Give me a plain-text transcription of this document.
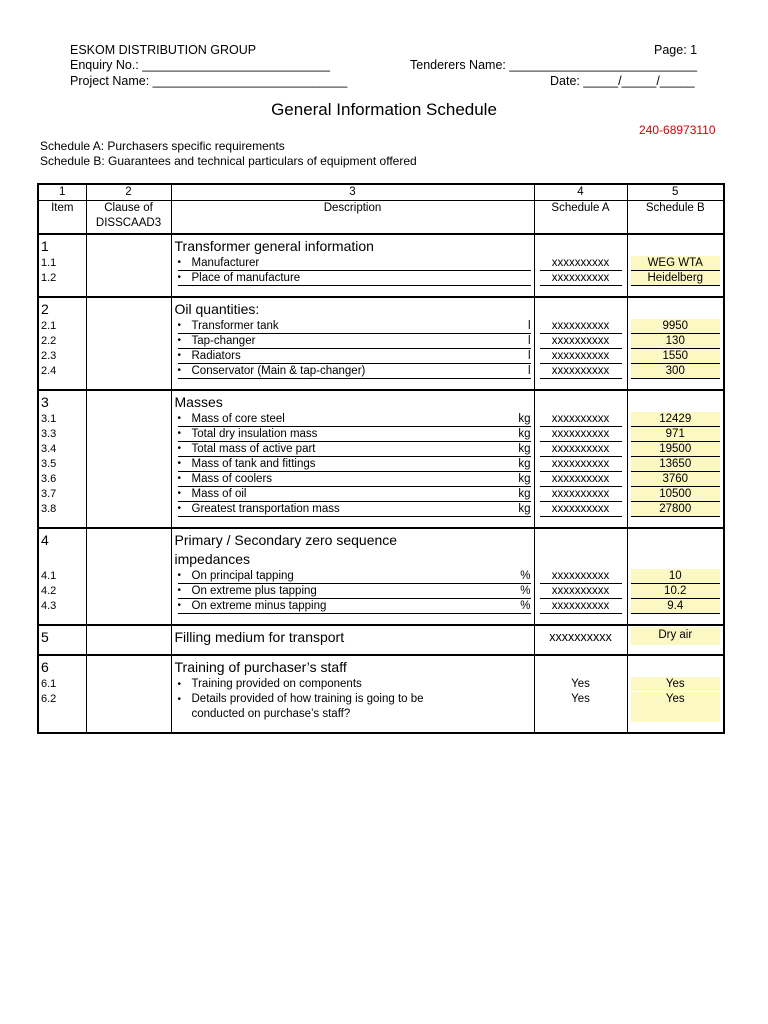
ESKOM DISTRIBUTION GROUP	Page: 1
Enquiry No.: ___________________________	Tenderers Name: ___________________________
Project Name: ____________________________	Date: _____/_____/_____
General Information Schedule
240-68973110
Schedule A: Purchasers specific requirements
Schedule B: Guarantees and technical particulars of equipment offered
1	2	3	4	5
Item	Clause of DISSCAAD3	Description	Schedule A	Schedule B
1		Transformer general information		
1.1		• Manufacturer	xxxxxxxxxx	WEG WTA

1.2		• Place of manufacture	xxxxxxxxxx	Heidelberg

2		Oil quantities:		
2.1		• Transformer tank l	xxxxxxxxxx	9950

2.2		• Tap-changer l	xxxxxxxxxx	130

2.3		• Radiators l	xxxxxxxxxx	1550

2.4		• Conservator (Main & tap-changer) l	xxxxxxxxxx	300

3		Masses		
3.1		• Mass of core steel kg	xxxxxxxxxx	12429

3.3		• Total dry insulation mass kg	xxxxxxxxxx	971

3.4		• Total mass of active part kg	xxxxxxxxxx	19500

3.5		• Mass of tank and fittings kg	xxxxxxxxxx	13650

3.6		• Mass of coolers kg	xxxxxxxxxx	3760

3.7		• Mass of oil kg	xxxxxxxxxx	10500

3.8		• Greatest transportation mass kg	xxxxxxxxxx	27800

4		Primary / Secondary zero sequence
impedances		

4.1		• On principal tapping %	xxxxxxxxxx	10

4.2		• On extreme plus tapping %	xxxxxxxxxx	10.2

4.3		• On extreme minus tapping %	xxxxxxxxxx	9.4

5		Filling medium for transport	xxxxxxxxxx	Dry air

6		Training of purchaser’s staff		
6.1		• Training provided on components	Yes	Yes

6.2		• Details provided of how training is going to be
conducted on purchase’s staff?	Yes	Yes
